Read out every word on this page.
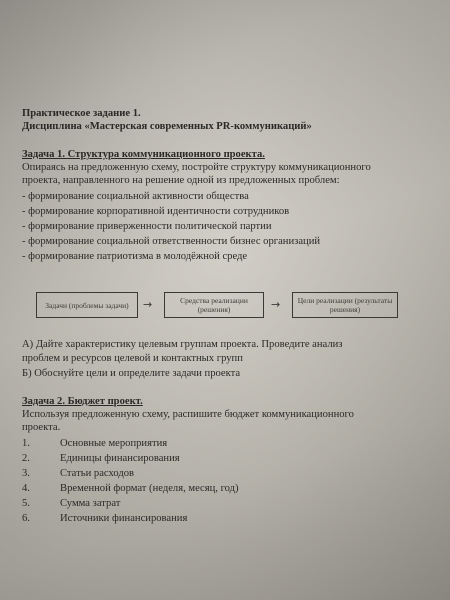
Практическое задание 1.
Дисциплина «Мастерская современных PR-коммуникаций»
Задача 1. Структура коммуникационного проекта.
Опираясь на предложенную схему, постройте структуру коммуникационного
проекта, направленного на решение одной из предложенных проблем:
- формирование социальной активности общества
- формирование корпоративной идентичности сотрудников
- формирование приверженности политической партии
- формирование социальной ответственности бизнес организаций
- формирование патриотизма в молодёжной среде
Задачи (проблемы задачи)	→	Средства реализации (решения)	→	Цели реализации (результаты решения)
А) Дайте характеристику целевым группам проекта. Проведите анализ
проблем и ресурсов целевой и контактных групп
Б) Обоснуйте цели и определите задачи проекта
Задача 2. Бюджет проект.
Используя предложенную схему, распишите бюджет коммуникационного
проекта.
1.	Основные мероприятия
2.	Единицы финансирования
3.	Статьи расходов
4.	Временной формат (неделя, месяц, год)
5.	Сумма затрат
6.	Источники финансирования
